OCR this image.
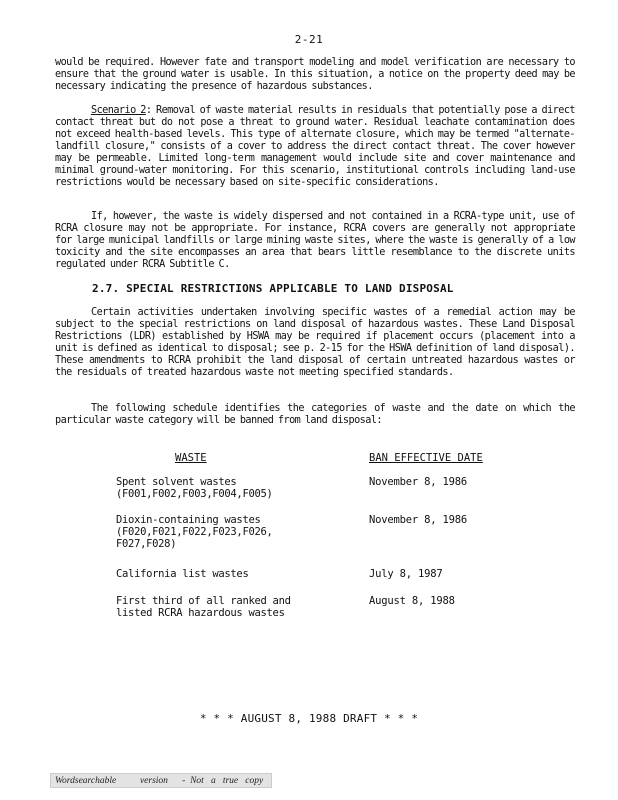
2-21

would be required. However fate and transport modeling and model verification are necessary to ensure that the ground water is usable. In this situation, a notice on the property deed may be necessary indicating the presence of hazardous substances.

Scenario 2: Removal of waste material results in residuals that potentially pose a direct contact threat but do not pose a threat to ground water. Residual leachate contamination does not exceed health-based levels. This type of alternate closure, which may be termed "alternate-landfill closure," consists of a cover to address the direct contact threat. The cover however may be permeable. Limited long-term management would include site and cover maintenance and minimal ground-water monitoring. For this scenario, institutional controls including land-use restrictions would be necessary based on site-specific considerations.

If, however, the waste is widely dispersed and not contained in a RCRA-type unit, use of RCRA closure may not be appropriate. For instance, RCRA covers are generally not appropriate for large municipal landfills or large mining waste sites, where the waste is generally of a low toxicity and the site encompasses an area that bears little resemblance to the discrete units regulated under RCRA Subtitle C.

2.7. SPECIAL RESTRICTIONS APPLICABLE TO LAND DISPOSAL

Certain activities undertaken involving specific wastes of a remedial action may be subject to the special restrictions on land disposal of hazardous wastes. These Land Disposal Restrictions (LDR) established by HSWA may be required if placement occurs (placement into a unit is defined as identical to disposal; see p. 2-15 for the HSWA definition of land disposal). These amendments to RCRA prohibit the land disposal of certain untreated hazardous wastes or the residuals of treated hazardous waste not meeting specified standards.

The following schedule identifies the categories of waste and the date on which the particular waste category will be banned from land disposal:

WASTE	BAN EFFECTIVE DATE
Spent solvent wastes
(F001,F002,F003,F004,F005)
November 8, 1986
Dioxin-containing wastes
(F020,F021,F022,F023,F026,
F027,F028)
November 8, 1986
California list wastes	July 8, 1987
First third of all ranked and
listed RCRA hazardous wastes
August 8, 1988
* * * AUGUST 8, 1988 DRAFT * * *
Wordsearchable          version      -  Not   a   true   copy
